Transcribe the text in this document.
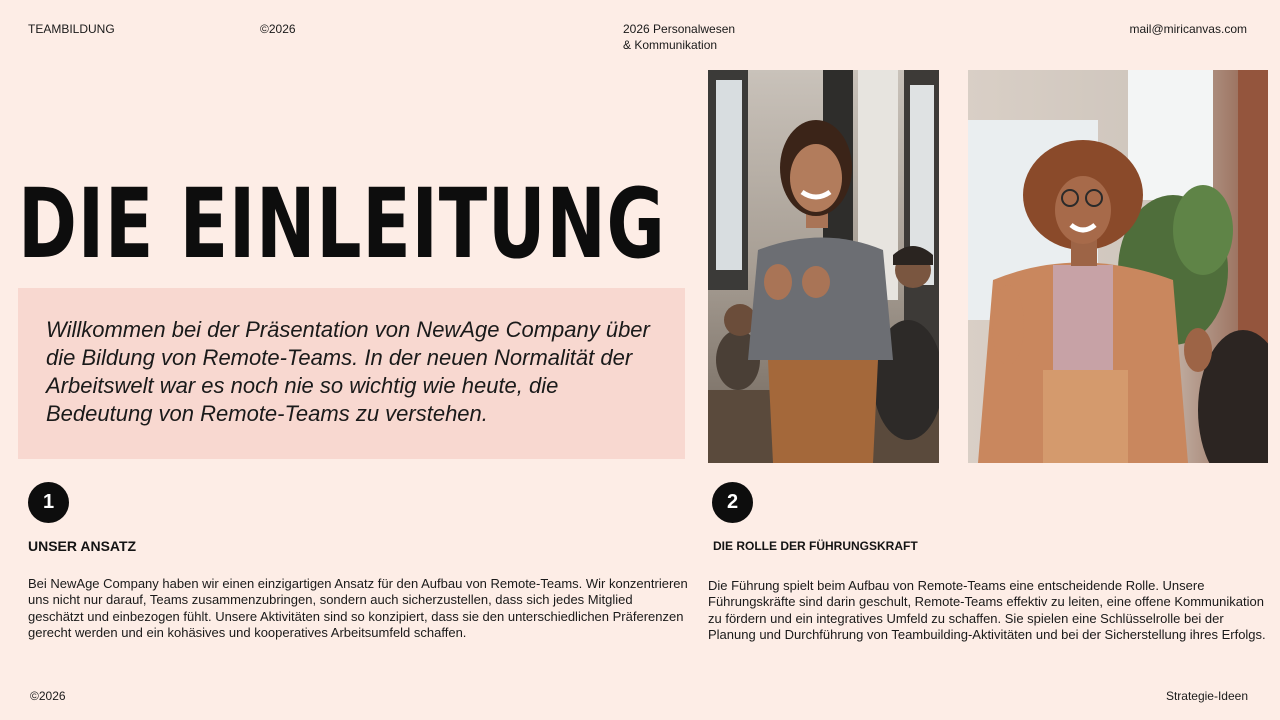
TEAMBILDUNG	©2026	2026 Personalwesen
& Kommunikation
mail@miricanvas.com
DIE EINLEITUNG

Willkommen bei der Präsentation von NewAge Company über die Bildung von Remote-Teams. In der neuen Normalität der Arbeitswelt war es noch nie so wichtig wie heute, die Bedeutung von Remote-Teams zu verstehen.

1
UNSER ANSATZ

Bei NewAge Company haben wir einen einzigartigen Ansatz für den Aufbau von Remote-Teams. Wir konzentrieren uns nicht nur darauf, Teams zusammenzubringen, sondern auch sicherzustellen, dass sich jedes Mitglied geschätzt und einbezogen fühlt. Unsere Aktivitäten sind so konzipiert, dass sie den unterschiedlichen Präferenzen gerecht werden und ein kohäsives und kooperatives Arbeitsumfeld schaffen.

2
DIE ROLLE DER FÜHRUNGSKRAFT

Die Führung spielt beim Aufbau von Remote-Teams eine entscheidende Rolle. Unsere Führungskräfte sind darin geschult, Remote-Teams effektiv zu leiten, eine offene Kommunikation zu fördern und ein integratives Umfeld zu schaffen. Sie spielen eine Schlüsselrolle bei der Planung und Durchführung von Teambuilding-Aktivitäten und bei der Sicherstellung ihres Erfolgs.

©2026	Strategie-Ideen
